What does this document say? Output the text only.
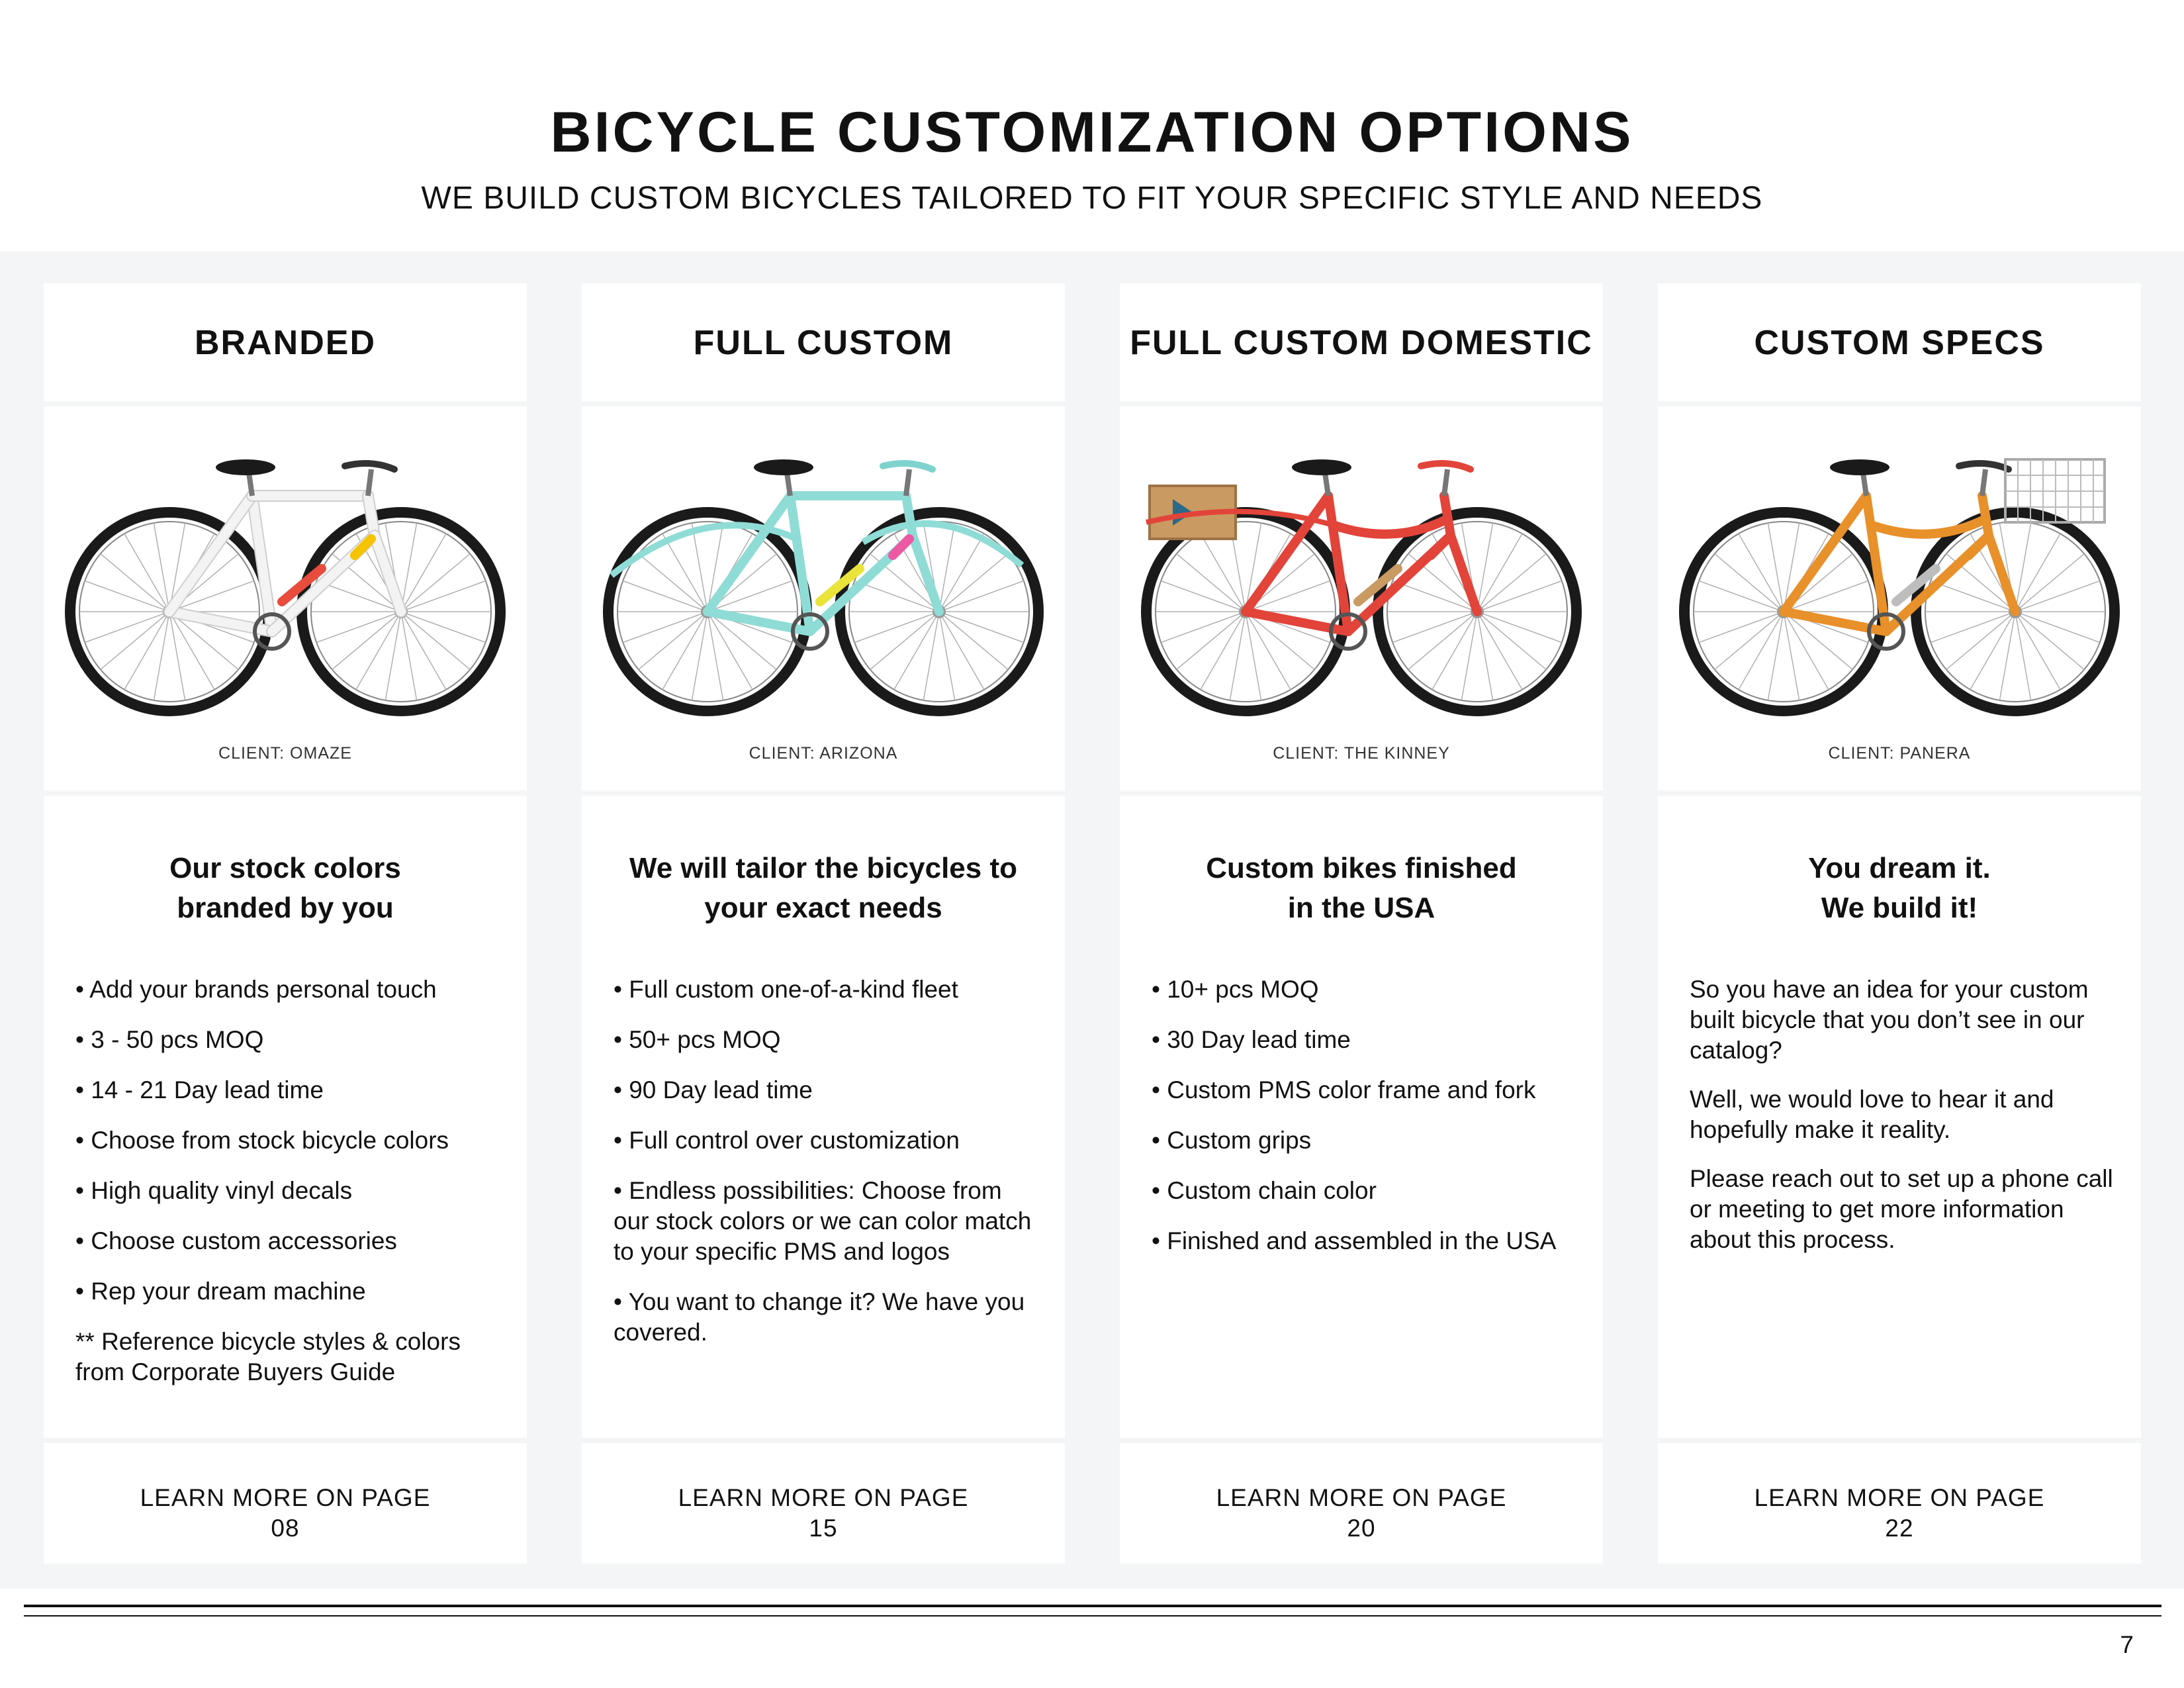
BICYCLE CUSTOMIZATION OPTIONS
WE BUILD CUSTOM BICYCLES TAILORED TO FIT YOUR SPECIFIC STYLE AND NEEDS
BRANDED
CLIENT: OMAZE
Our stock colors
branded by you
• Add your brands personal touch
• 3 - 50 pcs MOQ
• 14 - 21 Day lead time
• Choose from stock bicycle colors
• High quality vinyl decals
• Choose custom accessories
• Rep your dream machine
** Reference bicycle styles & colors from Corporate Buyers Guide
LEARN MORE ON PAGE
08
FULL CUSTOM
CLIENT: ARIZONA
We will tailor the bicycles to
your exact needs
• Full custom one-of-a-kind fleet
• 50+ pcs MOQ
• 90 Day lead time
• Full control over customization
• Endless possibilities: Choose from our stock colors or we can color match to your specific PMS and logos
• You want to change it? We have you covered.
LEARN MORE ON PAGE
15
FULL CUSTOM DOMESTIC
CLIENT: THE KINNEY
Custom bikes finished
in the USA
• 10+ pcs MOQ
• 30 Day lead time
• Custom PMS color frame and fork
• Custom grips
• Custom chain color
• Finished and assembled in the USA
LEARN MORE ON PAGE
20
CUSTOM SPECS
CLIENT: PANERA
You dream it.
We build it!

So you have an idea for your custom built bicycle that you don’t see in our catalog?

Well, we would love to hear it and hopefully make it reality.

Please reach out to set up a phone call or meeting to get more information about this process.

LEARN MORE ON PAGE
22
7
